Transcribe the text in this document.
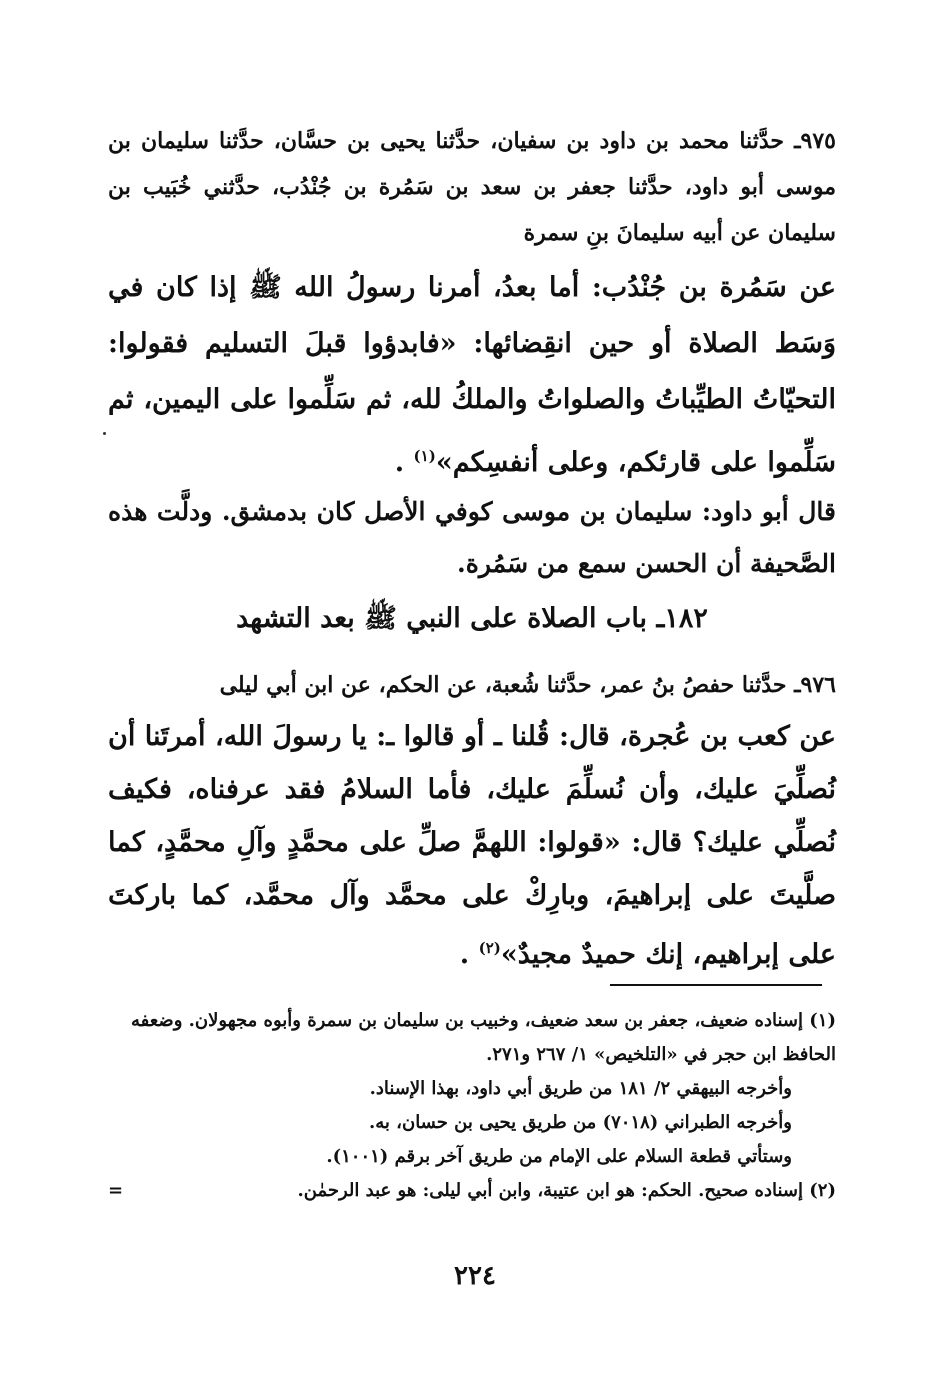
٩٧٥ـ حدَّثنا محمد بن داود بن سفيان، حدَّثنا يحيى بن حسَّان، حدَّثنا سليمان بن موسى أبو داود، حدَّثنا جعفر بن سعد بن سَمُرة بن جُنْدُب، حدَّثني خُبَيب بن سليمان عن أبيه سليمانَ بنِ سمرة

عن سَمُرة بن جُنْدُب: أما بعدُ، أمرنا رسولُ الله ﷺ إذا كان في وَسَط الصلاة أو حين انقِضائها: «فابدؤوا قبلَ التسليم فقولوا: التحيّاتُ الطيِّباتُ والصلواتُ والملكُ لله، ثم سَلِّموا على اليمين، ثم سَلِّموا على قارئكم، وعلى أنفسِكم»$^{(١)}$ .

قال أبو داود: سليمان بن موسى كوفي الأصل كان بدمشق. ودلَّت هذه الصَّحيفة أن الحسن سمع من سَمُرة.

١٨٢ـ باب الصلاة على النبي ﷺ بعد التشهد

٩٧٦ـ حدَّثنا حفصُ بنُ عمر، حدَّثنا شُعبة، عن الحكم، عن ابن أبي ليلى

عن كعب بن عُجرة، قال: قُلنا ـ أو قالوا ـ: يا رسولَ الله، أمرتَنا أن نُصلِّيَ عليك، وأن نُسلِّمَ عليك، فأما السلامُ فقد عرفناه، فكيف نُصلِّي عليك؟ قال: «قولوا: اللهمَّ صلِّ على محمَّدٍ وآلِ محمَّدٍ، كما صلَّيتَ على إبراهيمَ، وبارِكْ على محمَّد وآل محمَّد، كما باركتَ على إبراهيم، إنك حميدٌ مجيدٌ»$^{(٢)}$ .

(١) إسناده ضعيف، جعفر بن سعد ضعيف، وخبيب بن سليمان بن سمرة وأبوه مجهولان. وضعفه الحافظ ابن حجر في «التلخيص» ١/ ٢٦٧ و٢٧١.

وأخرجه البيهقي ٢/ ١٨١ من طريق أبي داود، بهذا الإسناد.

وأخرجه الطبراني (٧٠١٨) من طريق يحيى بن حسان، به.

وستأتي قطعة السلام على الإمام من طريق آخر برقم (١٠٠١).

(٢) إسناده صحيح. الحكم: هو ابن عتيبة، وابن أبي ليلى: هو عبد الرحمٰن.
=

٢٢٤
